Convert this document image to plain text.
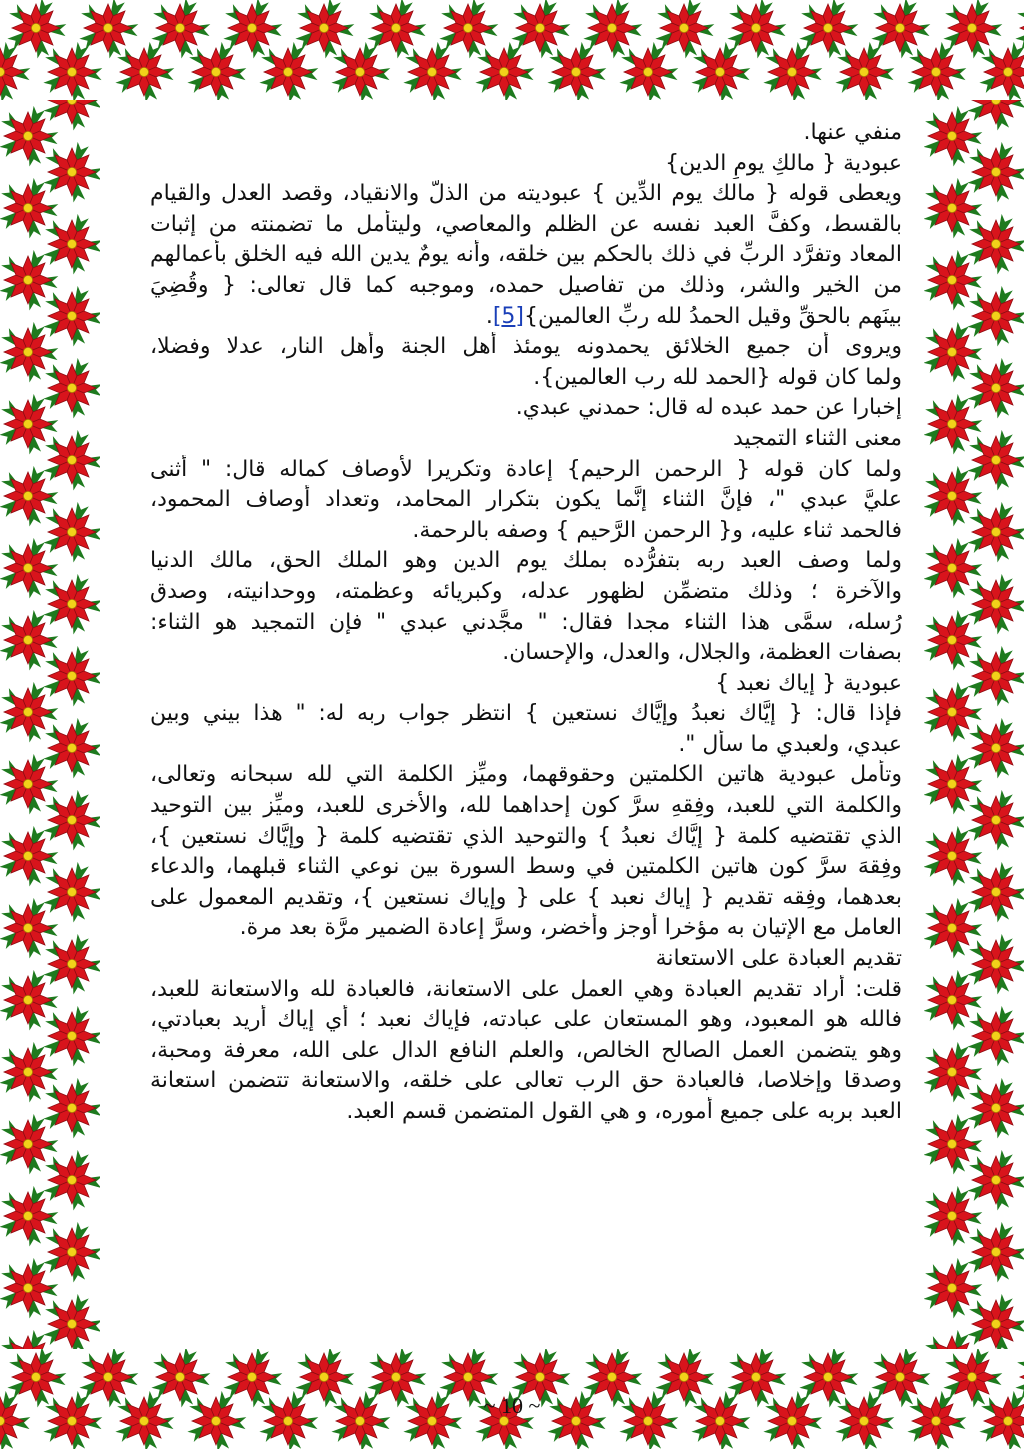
منفي عنها.
عبودية { مالكِ يومِ الدين}
ويعطى قوله { مالك يوم الدِّين } عبوديته من الذلّ والانقياد، وقصد العدل والقيام
بالقسط، وكفَّ العبد نفسه عن الظلم والمعاصي، وليتأمل ما تضمنته من إثبات
المعاد وتفرَّد الربِّ في ذلك بالحكم بين خلقه، وأنه يومٌ يدين الله فيه الخلق بأعمالهم
من الخير والشر، وذلك من تفاصيل حمده، وموجبه كما قال تعالى: { وقُضِيَ
بينَهم بالحقِّ وقيل الحمدُ لله ربِّ العالمين}[5].
ويروى أن جميع الخلائق يحمدونه يومئذ أهل الجنة وأهل النار، عدلا وفضلا،
ولما كان قوله {الحمد لله رب العالمين}.
إخبارا عن حمد عبده له قال: حمدني عبدي.
معنى الثناء التمجيد
ولما كان قوله { الرحمن الرحيم} إعادة وتكريرا لأوصاف كماله قال: " أثنى
عليَّ عبدي "، فإنَّ الثناء إنَّما يكون بتكرار المحامد، وتعداد أوصاف المحمود،
فالحمد ثناء عليه، و{ الرحمن الرَّحيم } وصفه بالرحمة.
ولما وصف العبد ربه بتفرُّده بملك يوم الدين وهو الملك الحق، مالك الدنيا
والآخرة ؛ وذلك متضمِّن لظهور عدله، وكبريائه وعظمته، ووحدانيته، وصدق
رُسله، سمَّى هذا الثناء مجدا فقال: " مجَّدني عبدي " فإن التمجيد هو الثناء:
بصفات العظمة، والجلال، والعدل، والإحسان.
عبودية { إياك نعبد }
فإذا قال: { إيَّاك نعبدُ وإيَّاك نستعين } انتظر جواب ربه له: " هذا بيني وبين
عبدي، ولعبدي ما سأل ".
وتأمل عبودية هاتين الكلمتين وحقوقهما، وميِّز الكلمة التي لله سبحانه وتعالى،
والكلمة التي للعبد، وفِقهِ سرَّ كون إحداهما لله، والأخرى للعبد، وميِّز بين التوحيد
الذي تقتضيه كلمة { إيَّاك نعبدُ } والتوحيد الذي تقتضيه كلمة { وإيَّاك نستعين }،
وفِقهَ سرَّ كون هاتين الكلمتين في وسط السورة بين نوعي الثناء قبلهما، والدعاء
بعدهما، وفِقه تقديم { إياك نعبد } على { وإياك نستعين }، وتقديم المعمول على
العامل مع الإتيان به مؤخرا أوجز وأخضر، وسرَّ إعادة الضمير مرَّة بعد مرة.
تقديم العبادة على الاستعانة
قلت: أراد تقديم العبادة وهي العمل على الاستعانة، فالعبادة لله والاستعانة للعبد،
فالله هو المعبود، وهو المستعان على عبادته، فإياك نعبد ؛ أي إياك أريد بعبادتي،
وهو يتضمن العمل الصالح الخالص، والعلم النافع الدال على الله، معرفة ومحبة،
وصدقا وإخلاصا، فالعبادة حق الرب تعالى على خلقه، والاستعانة تتضمن استعانة
العبد بربه على جميع أموره، و هي القول المتضمن قسم العبد.
~ 10 ~
